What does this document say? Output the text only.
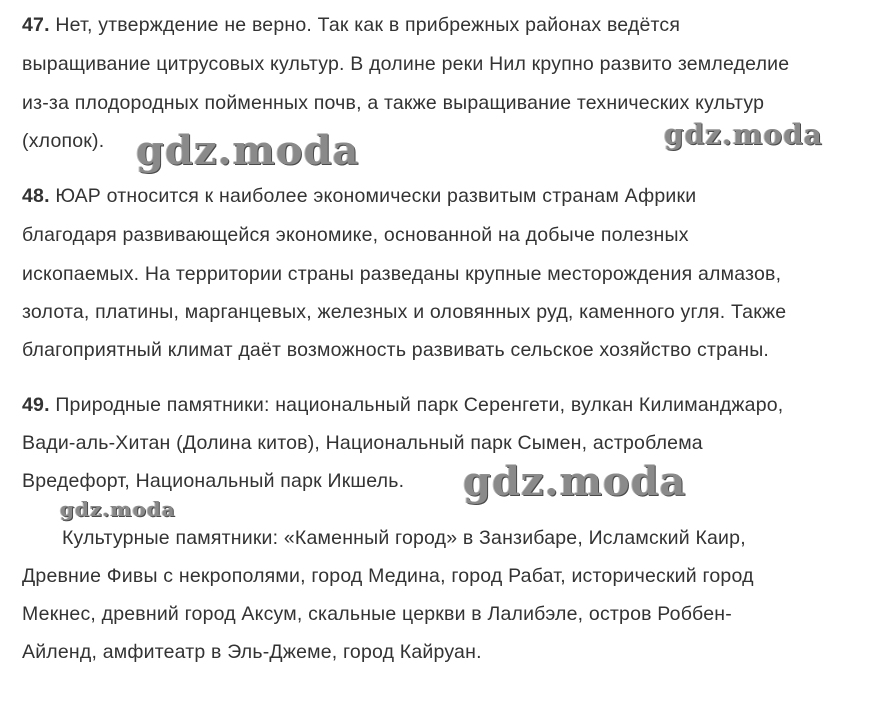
47. Нет, утверждение не верно. Так как в прибрежных районах ведётся
выращивание цитрусовых культур. В долине реки Нил крупно развито земледелие
из-за плодородных пойменных почв, а также выращивание технических культур
(хлопок).
48. ЮАР относится к наиболее экономически развитым странам Африки
благодаря развивающейся экономике, основанной на добыче полезных
ископаемых. На территории страны разведаны крупные месторождения алмазов,
золота, платины, марганцевых, железных и оловянных руд, каменного угля. Также
благоприятный климат даёт возможность развивать сельское хозяйство страны.
49. Природные памятники: национальный парк Серенгети, вулкан Килиманджаро,
Вади-аль-Хитан (Долина китов), Национальный парк Сымен, астроблема
Вредефорт, Национальный парк Икшель.
Культурные памятники: «Каменный город» в Занзибаре, Исламский Каир,
Древние Фивы с некрополями, город Медина, город Рабат, исторический город
Мекнес, древний город Аксум, скальные церкви в Лалибэле, остров Роббен-
Айленд, амфитеатр в Эль-Джеме, город Кайруан.
gdz.moda	gdz.moda
gdz.moda
gdz.moda
